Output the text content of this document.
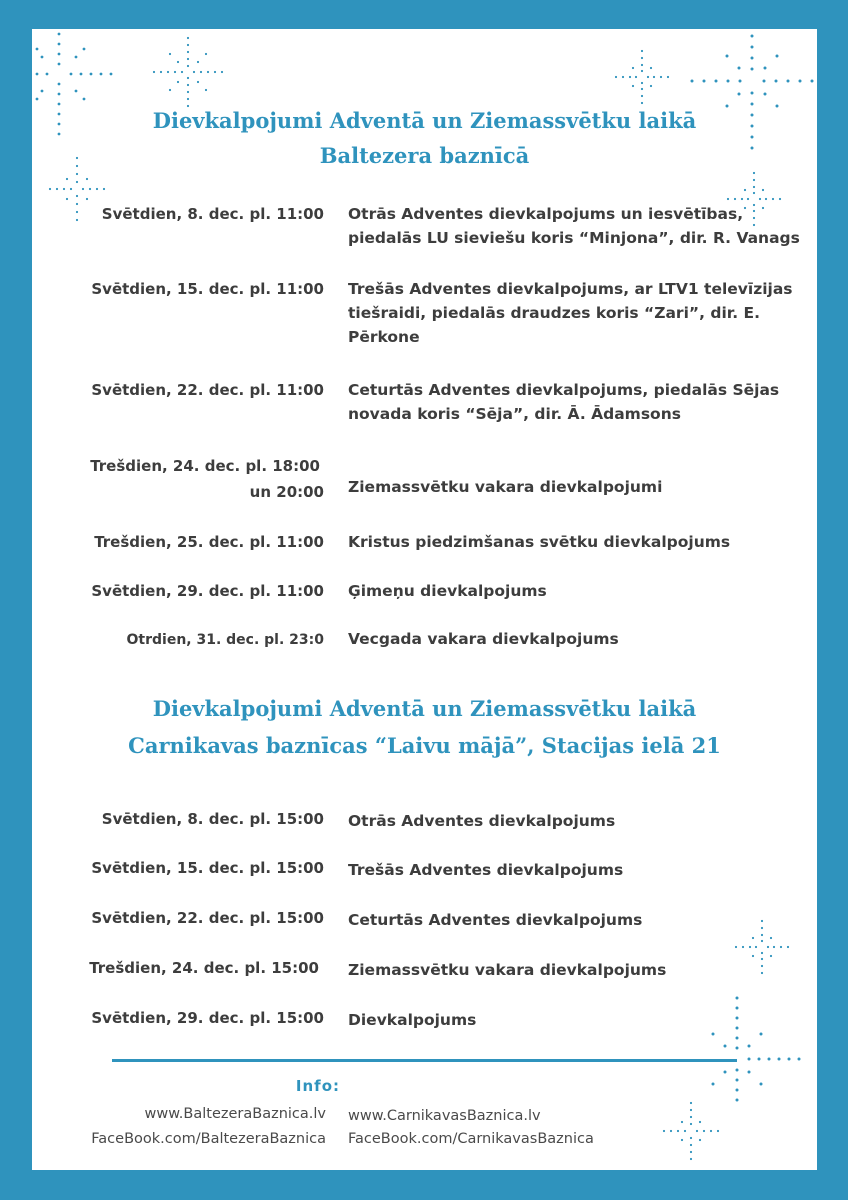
Dievkalpojumi Adventā un Ziemassvētku laikā
Baltezera baznīcā
Svētdien, 8. dec. pl. 11:00 Otrās Adventes dievkalpojums un iesvētības, piedalās LU sieviešu koris “Minjona”, dir. R. Vanags
Svētdien, 15. dec. pl. 11:00 Trešās Adventes dievkalpojums, ar LTV1 televīzijas tiešraidi, piedalās draudzes koris “Zari”, dir. E. Pērkone
Svētdien, 22. dec. pl. 11:00 Ceturtās Adventes dievkalpojums, piedalās Sējas novada koris “Sēja”, dir. Ā. Ādamsons
Trešdien, 24. dec. pl. 18:00
un 20:00 Ziemassvētku vakara dievkalpojumi
Trešdien, 25. dec. pl. 11:00 Kristus piedzimšanas svētku dievkalpojums
Svētdien, 29. dec. pl. 11:00 Ģimeņu dievkalpojums
Otrdien, 31. dec. pl. 23:0 Vecgada vakara dievkalpojums
Dievkalpojumi Adventā un Ziemassvētku laikā
Carnikavas baznīcas “Laivu mājā”, Stacijas ielā 21
Svētdien, 8. dec. pl. 15:00 Otrās Adventes dievkalpojums
Svētdien, 15. dec. pl. 15:00 Trešās Adventes dievkalpojums
Svētdien, 22. dec. pl. 15:00 Ceturtās Adventes dievkalpojums
Trešdien, 24. dec. pl. 15:00 Ziemassvētku vakara dievkalpojums
Svētdien, 29. dec. pl. 15:00 Dievkalpojums
Info:
www.BaltezeraBaznica.lv
FaceBook.com/BaltezeraBaznica
www.CarnikavasBaznica.lv
FaceBook.com/CarnikavasBaznica
